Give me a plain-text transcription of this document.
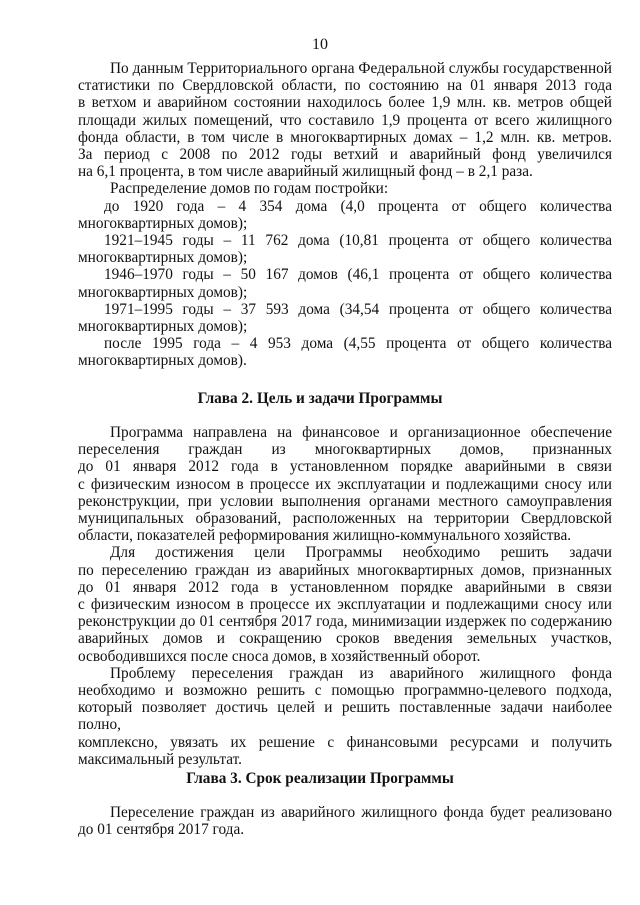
10

По данным Территориального органа Федеральной службы государственной

статистики по Свердловской области, по состоянию на 01 января 2013 года

в ветхом и аварийном состоянии находилось более 1,9 млн. кв. метров общей

площади жилых помещений, что составило 1,9 процента от всего жилищного

фонда области, в том числе в многоквартирных домах – 1,2 млн. кв. метров.

За период с 2008 по 2012 годы ветхий и аварийный фонд увеличился

на 6,1 процента, в том числе аварийный жилищный фонд – в 2,1 раза.

Распределение домов по годам постройки:

до 1920 года – 4 354 дома (4,0 процента от общего количества

многоквартирных домов);

1921–1945 годы – 11 762 дома (10,81 процента от общего количества

многоквартирных домов);

1946–1970 годы – 50 167 домов (46,1 процента от общего количества

многоквартирных домов);

1971–1995 годы – 37 593 дома (34,54 процента от общего количества

многоквартирных домов);

после 1995 года – 4 953 дома (4,55 процента от общего количества

многоквартирных домов).

Глава 2. Цель и задачи Программы

Программа направлена на финансовое и организационное обеспечение

переселения граждан из многоквартирных домов, признанных

до 01 января 2012 года в установленном порядке аварийными в связи

с физическим износом в процессе их эксплуатации и подлежащими сносу или

реконструкции, при условии выполнения органами местного самоуправления

муниципальных образований, расположенных на территории Свердловской

области, показателей реформирования жилищно-коммунального хозяйства.

Для достижения цели Программы необходимо решить задачи

по переселению граждан из аварийных многоквартирных домов, признанных

до 01 января 2012 года в установленном порядке аварийными в связи

с физическим износом в процессе их эксплуатации и подлежащими сносу или

реконструкции до 01 сентября 2017 года, минимизации издержек по содержанию

аварийных домов и сокращению сроков введения земельных участков,

освободившихся после сноса домов, в хозяйственный оборот.

Проблему переселения граждан из аварийного жилищного фонда

необходимо и возможно решить с помощью программно-целевого подхода,

который позволяет достичь целей и решить поставленные задачи наиболее полно,

комплексно, увязать их решение с финансовыми ресурсами и получить

максимальный результат.

Глава 3. Срок реализации Программы

Переселение граждан из аварийного жилищного фонда будет реализовано

до 01 сентября 2017 года.
